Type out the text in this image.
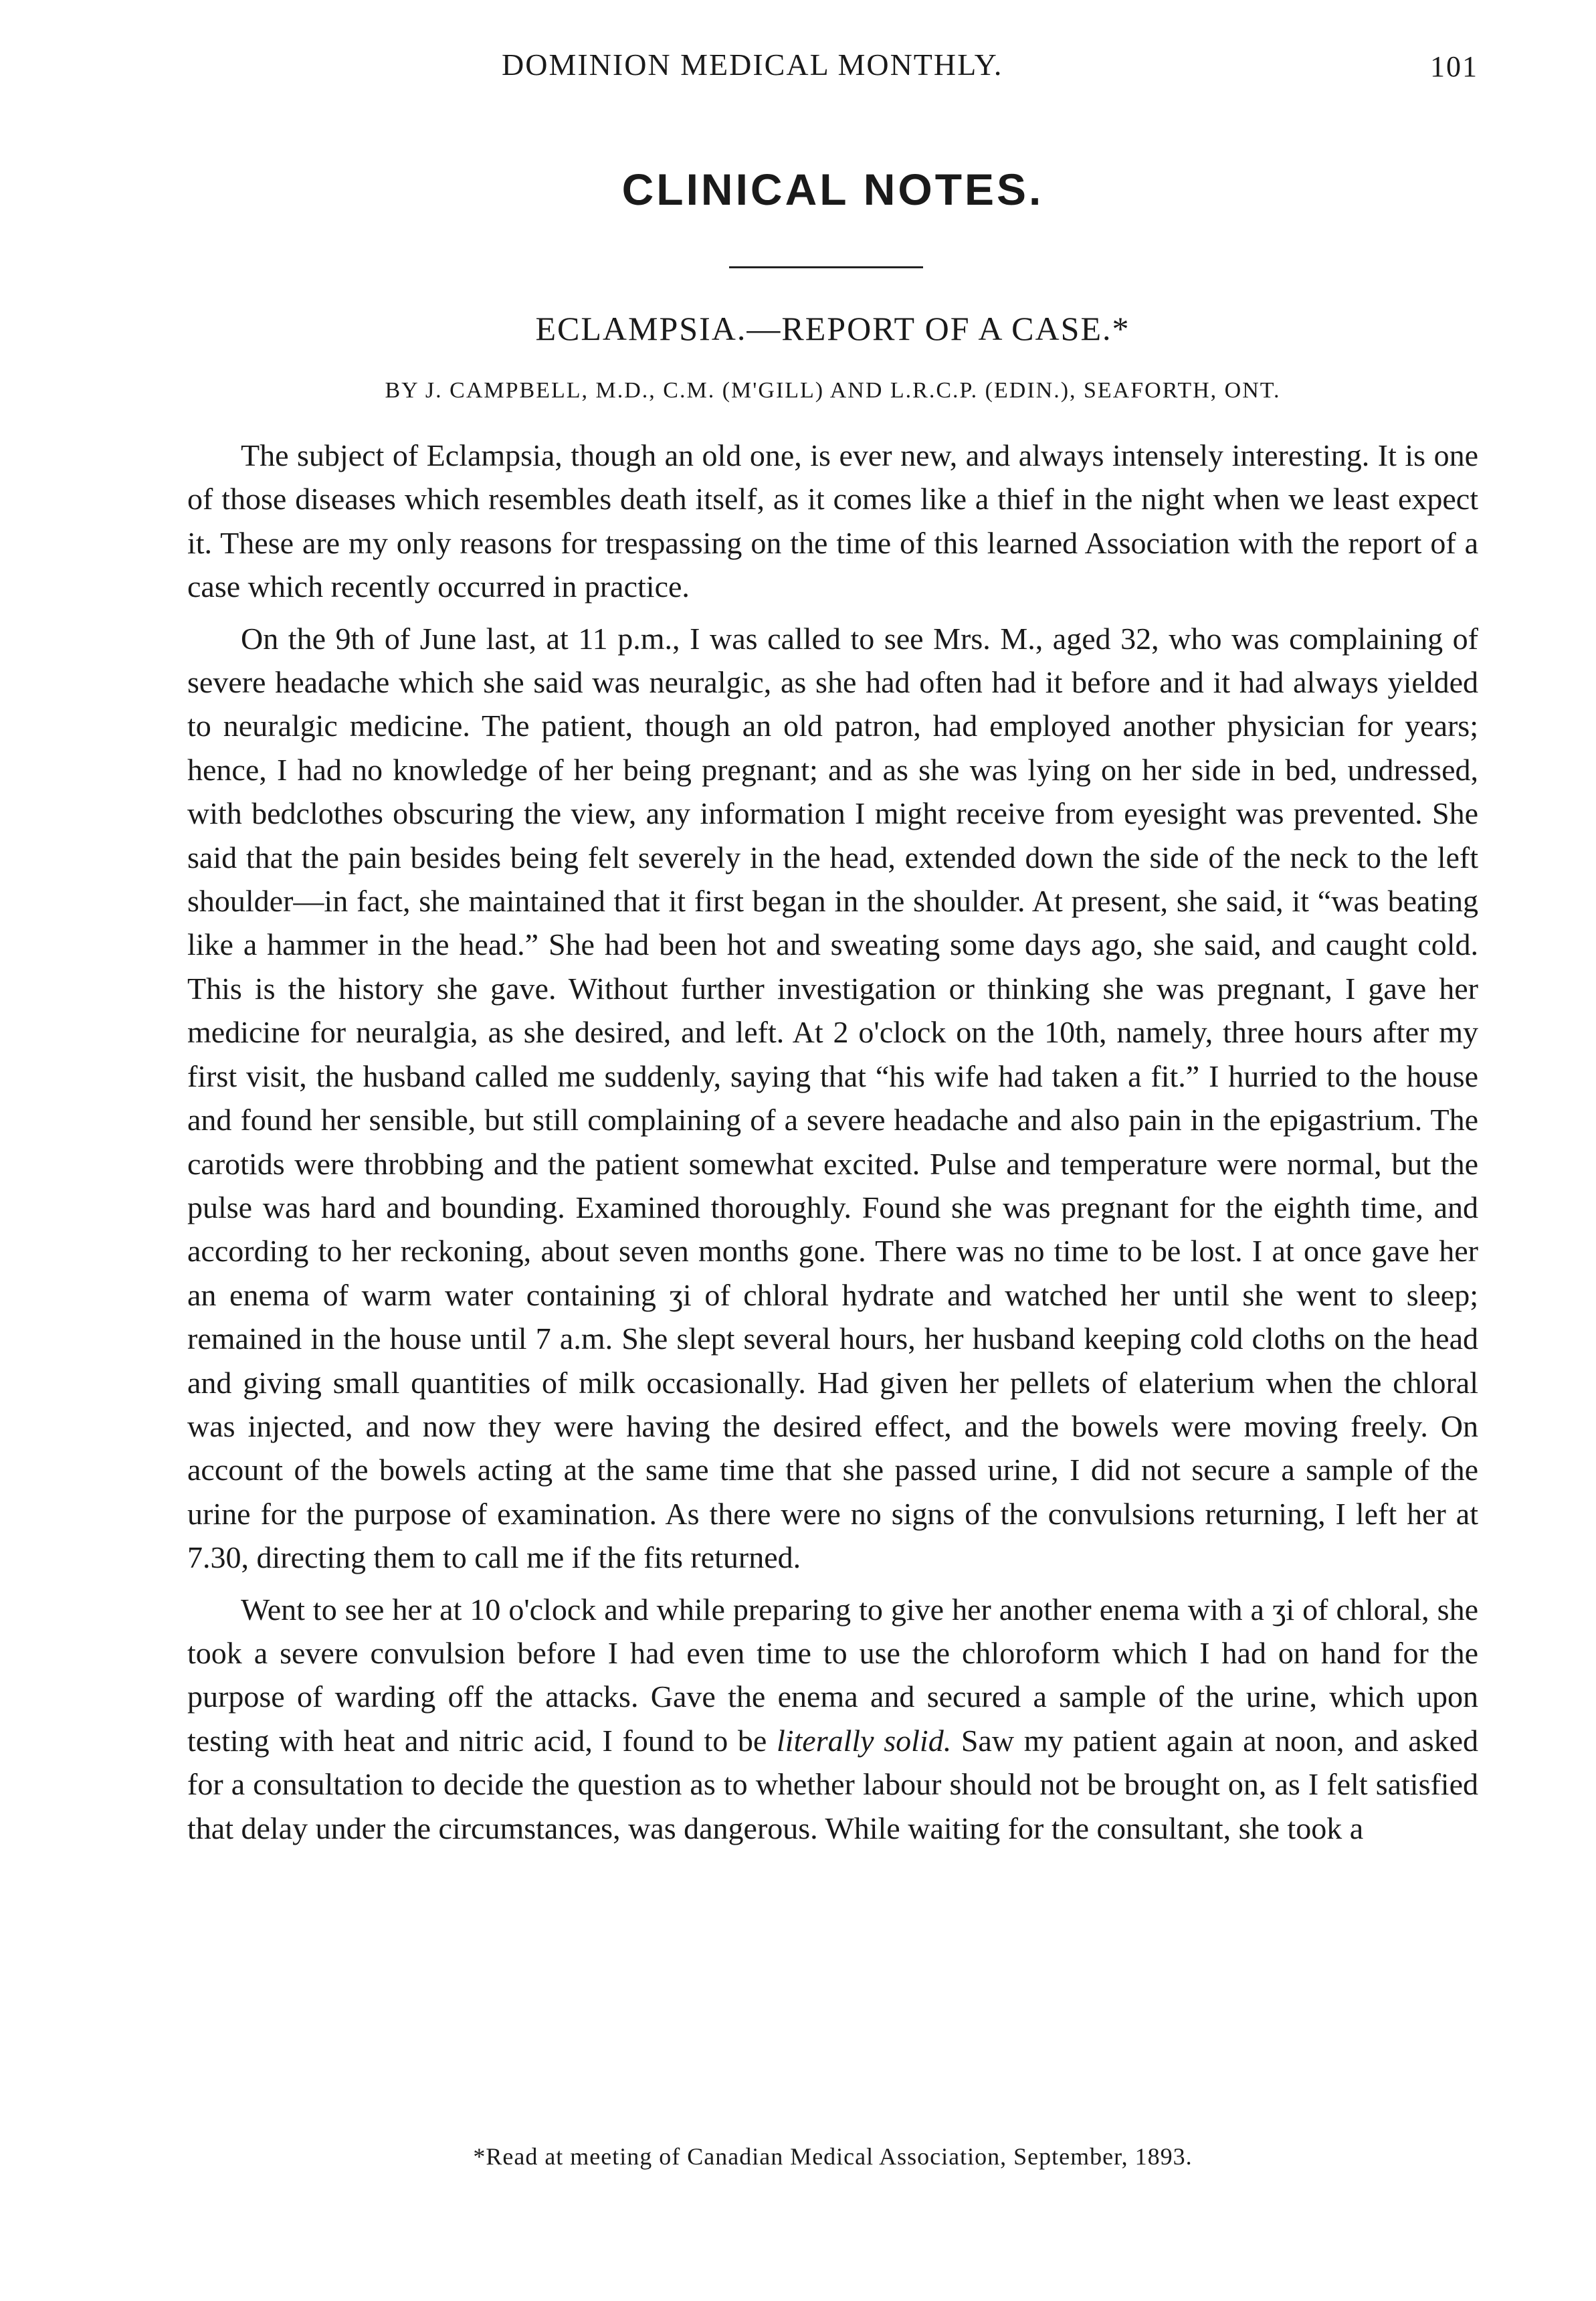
DOMINION MEDICAL MONTHLY.	101
CLINICAL NOTES.
ECLAMPSIA.—REPORT OF A CASE.*
BY J. CAMPBELL, M.D., C.M. (M'GILL) AND L.R.C.P. (EDIN.), SEAFORTH, ONT.

The subject of Eclampsia, though an old one, is ever new, and always intensely interesting. It is one of those diseases which resembles death itself, as it comes like a thief in the night when we least expect it. These are my only reasons for trespassing on the time of this learned Association with the report of a case which recently occurred in practice.

On the 9th of June last, at 11 p.m., I was called to see Mrs. M., aged 32, who was complaining of severe headache which she said was neuralgic, as she had often had it before and it had always yielded to neuralgic medicine. The patient, though an old patron, had employed another physician for years; hence, I had no knowledge of her being pregnant; and as she was lying on her side in bed, undressed, with bedclothes obscuring the view, any information I might receive from eyesight was prevented. She said that the pain besides being felt severely in the head, extended down the side of the neck to the left shoulder—in fact, she maintained that it first began in the shoulder. At present, she said, it “was beating like a hammer in the head.” She had been hot and sweating some days ago, she said, and caught cold. This is the history she gave. Without further investigation or thinking she was pregnant, I gave her medicine for neuralgia, as she desired, and left. At 2 o'clock on the 10th, namely, three hours after my first visit, the husband called me suddenly, saying that “his wife had taken a fit.” I hurried to the house and found her sensible, but still complaining of a severe headache and also pain in the epigastrium. The carotids were throbbing and the patient somewhat excited. Pulse and temperature were normal, but the pulse was hard and bounding. Examined thoroughly. Found she was pregnant for the eighth time, and according to her reckoning, about seven months gone. There was no time to be lost. I at once gave her an enema of warm water containing ʒi of chloral hydrate and watched her until she went to sleep; remained in the house until 7 a.m. She slept several hours, her husband keeping cold cloths on the head and giving small quantities of milk occasionally. Had given her pellets of elaterium when the chloral was injected, and now they were having the desired effect, and the bowels were moving freely. On account of the bowels acting at the same time that she passed urine, I did not secure a sample of the urine for the purpose of examination. As there were no signs of the convulsions returning, I left her at 7.30, directing them to call me if the fits returned.

Went to see her at 10 o'clock and while preparing to give her another enema with a ʒi of chloral, she took a severe convulsion before I had even time to use the chloroform which I had on hand for the purpose of warding off the attacks. Gave the enema and secured a sample of the urine, which upon testing with heat and nitric acid, I found to be literally solid. Saw my patient again at noon, and asked for a consultation to decide the question as to whether labour should not be brought on, as I felt satisfied that delay under the circumstances, was dangerous. While waiting for the consultant, she took a

*Read at meeting of Canadian Medical Association, September, 1893.
